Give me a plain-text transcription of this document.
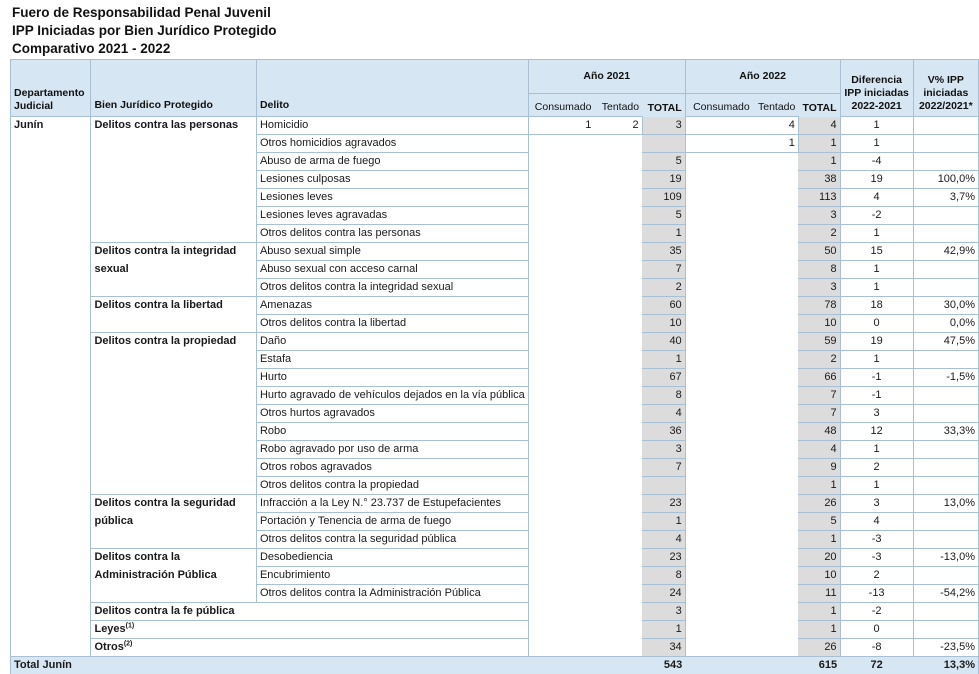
Fuero de Responsabilidad Penal Juvenil
IPP Iniciadas por Bien Jurídico Protegido
Comparativo 2021 - 2022
Departamento
Judicial	Bien Jurídico Protegido	Delito	Año 2021			Año 2022			Diferencia
IPP iniciadas
2022-2021	V% IPP
iniciadas
2022/2021*
			Consumado	Tentado	TOTAL	Consumado	Tentado	TOTAL		
Junín	Delitos contra las personas	Homicidio	1	2	3		4	4	1	
		Otros homicidios agravados					1	1	1	
		Abuso de arma de fuego			5			1	-4	
		Lesiones culposas			19			38	19	100,0%
		Lesiones leves			109			113	4	3,7%
		Lesiones leves agravadas			5			3	-2	
		Otros delitos contra las personas			1			2	1	
	Delitos contra la integridad	Abuso sexual simple			35			50	15	42,9%
	sexual	Abuso sexual con acceso carnal			7			8	1	
		Otros delitos contra la integridad sexual			2			3	1	
	Delitos contra la libertad	Amenazas			60			78	18	30,0%
		Otros delitos contra la libertad			10			10	0	0,0%
	Delitos contra la propiedad	Daño			40			59	19	47,5%
		Estafa			1			2	1	
		Hurto			67			66	-1	-1,5%
		Hurto agravado de vehículos dejados en la vía pública			8			7	-1	
		Otros hurtos agravados			4			7	3	
		Robo			36			48	12	33,3%
		Robo agravado por uso de arma			3			4	1	
		Otros robos agravados			7			9	2	
		Otros delitos contra la propiedad						1	1	
	Delitos contra la seguridad	Infracción a la Ley N.° 23.737 de Estupefacientes			23			26	3	13,0%
	pública	Portación y Tenencia de arma de fuego			1			5	4	
		Otros delitos contra la seguridad pública			4			1	-3	
	Delitos contra la	Desobediencia			23			20	-3	-13,0%
	Administración Pública	Encubrimiento			8			10	2	
		Otros delitos contra la Administración Pública			24			11	-13	-54,2%
	Delitos contra la fe pública				3			1	-2	
	Leyes$^{(1)}$				1			1	0	
	Otros$^{(2)}$				34			26	-8	-23,5%
Total Junín					543			615	72	13,3%
